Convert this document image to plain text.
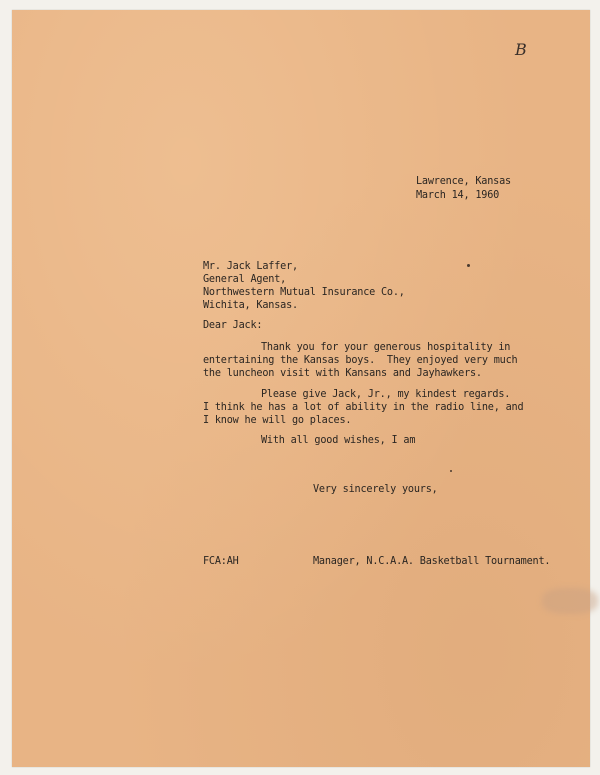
B
Lawrence, Kansas
March 14, 1960
Mr. Jack Laffer,
General Agent,
Northwestern Mutual Insurance Co.,
Wichita, Kansas.
Dear Jack:
Thank you for your generous hospitality in
entertaining the Kansas boys.  They enjoyed very much
the luncheon visit with Kansans and Jayhawkers.
Please give Jack, Jr., my kindest regards.
I think he has a lot of ability in the radio line, and
I know he will go places.
With all good wishes, I am
Very sincerely yours,
FCA:AH	Manager, N.C.A.A. Basketball Tournament.
